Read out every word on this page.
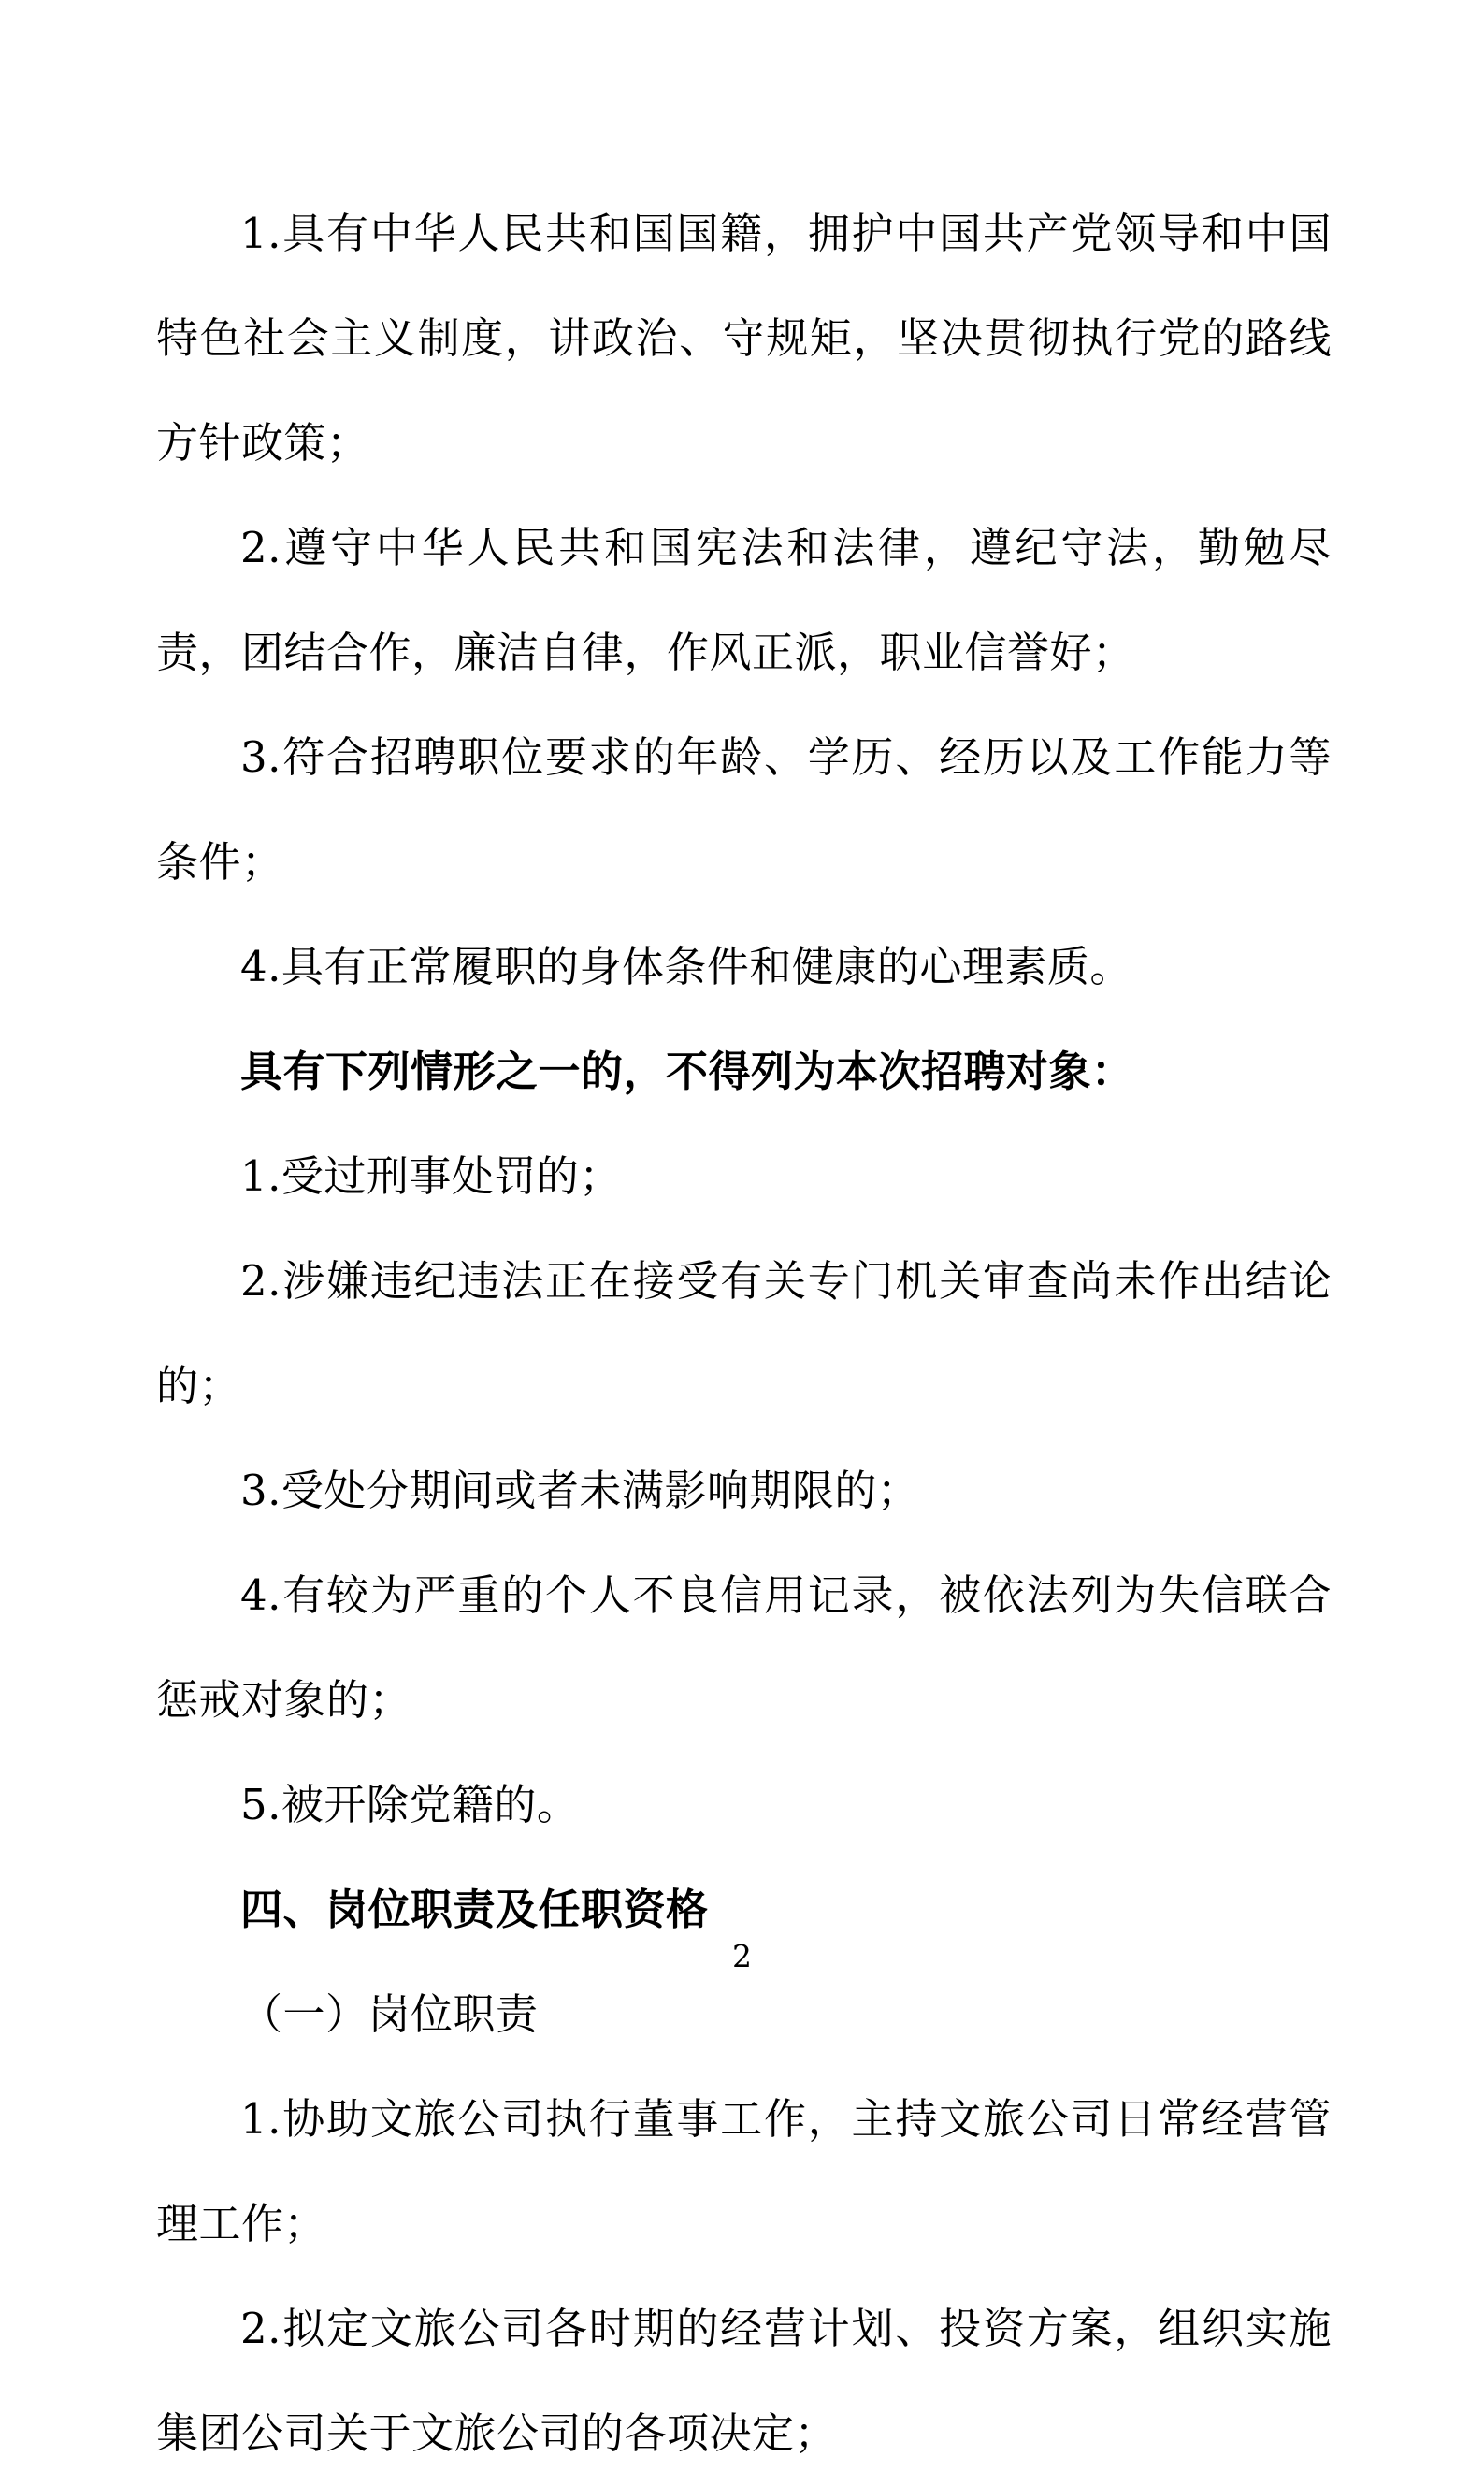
1.具有中华人民共和国国籍，拥护中国共产党领导和中国特色社会主义制度，讲政治、守规矩，坚决贯彻执行党的路线方针政策；

2.遵守中华人民共和国宪法和法律，遵纪守法，勤勉尽责，团结合作，廉洁自律，作风正派，职业信誉好；

3.符合招聘职位要求的年龄、学历、经历以及工作能力等条件；

4.具有正常履职的身体条件和健康的心理素质。

具有下列情形之一的，不得列为本次招聘对象：

1.受过刑事处罚的；

2.涉嫌违纪违法正在接受有关专门机关审查尚未作出结论的；

3.受处分期间或者未满影响期限的；

4.有较为严重的个人不良信用记录，被依法列为失信联合惩戒对象的；

5.被开除党籍的。

四、岗位职责及任职资格

（一）岗位职责

1.协助文旅公司执行董事工作，主持文旅公司日常经营管理工作；

2.拟定文旅公司各时期的经营计划、投资方案，组织实施集团公司关于文旅公司的各项决定；

2
